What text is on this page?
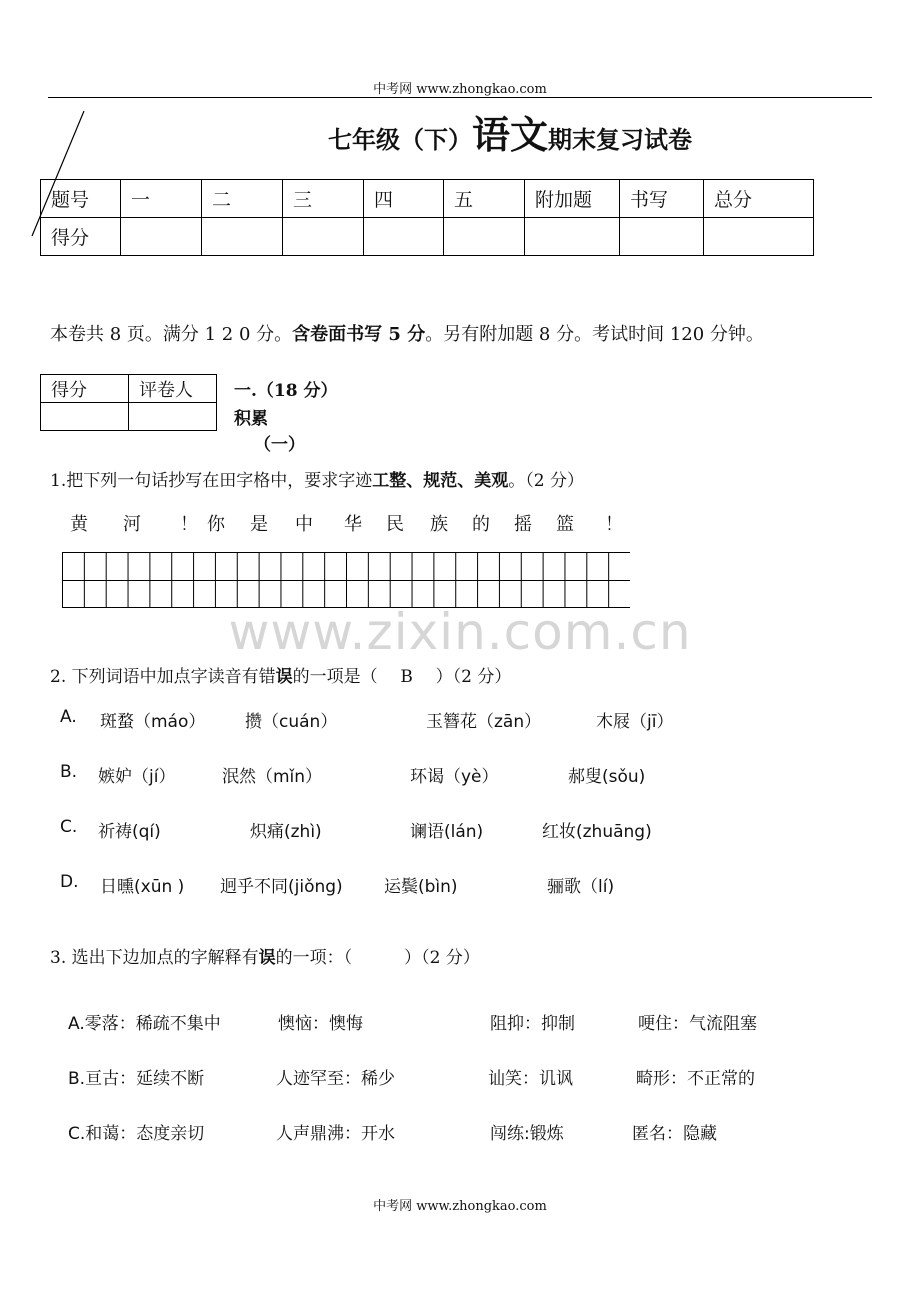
中考网 www.zhongkao.com
七年级（下）语文期末复习试卷
题号	一	二	三	四	五	附加题	书写	总分
得分								
本卷共 8 页。满分 1 2 0 分。含卷面书写 5 分。另有附加题 8 分。考试时间 120 分钟。
得分	评卷人
	一.（18 分）
积累
（一）
1.把下列一句话抄写在田字格中，要求字迹工整、规范、美观。（2 分）
黄 河 ！ 你 是 中 华 民 族 的 摇 篮 ！
www.zixin.com.cn
2. 下列词语中加点字读音有错误的一项是（ B ）（2 分）
A. 斑蝥（máo） 攒（cuán）	玉簪花（zān）	木屐（jī）
B. 嫉妒（jí）	泯然（mǐn）	环谒（yè）	郝叟(sǒu)
C. 祈祷(qí)	炽痛(zhì)	谰语(lán)	红妆(zhuāng)
D. 日曛(xūn ) 迥乎不同(jiǒng) 运鬓(bìn)	骊歌（lí)
3. 选出下边加点的字解释有误的一项：（	）（2 分）
A.零落：稀疏不集中	懊恼：懊悔	阻抑：抑制	哽住：气流阻塞
B.亘古：延续不断	人迹罕至：稀少	讪笑：讥讽	畸形：不正常的
C.和蔼：态度亲切	人声鼎沸：开水	闯练:锻炼	匿名：隐藏
中考网 www.zhongkao.com
